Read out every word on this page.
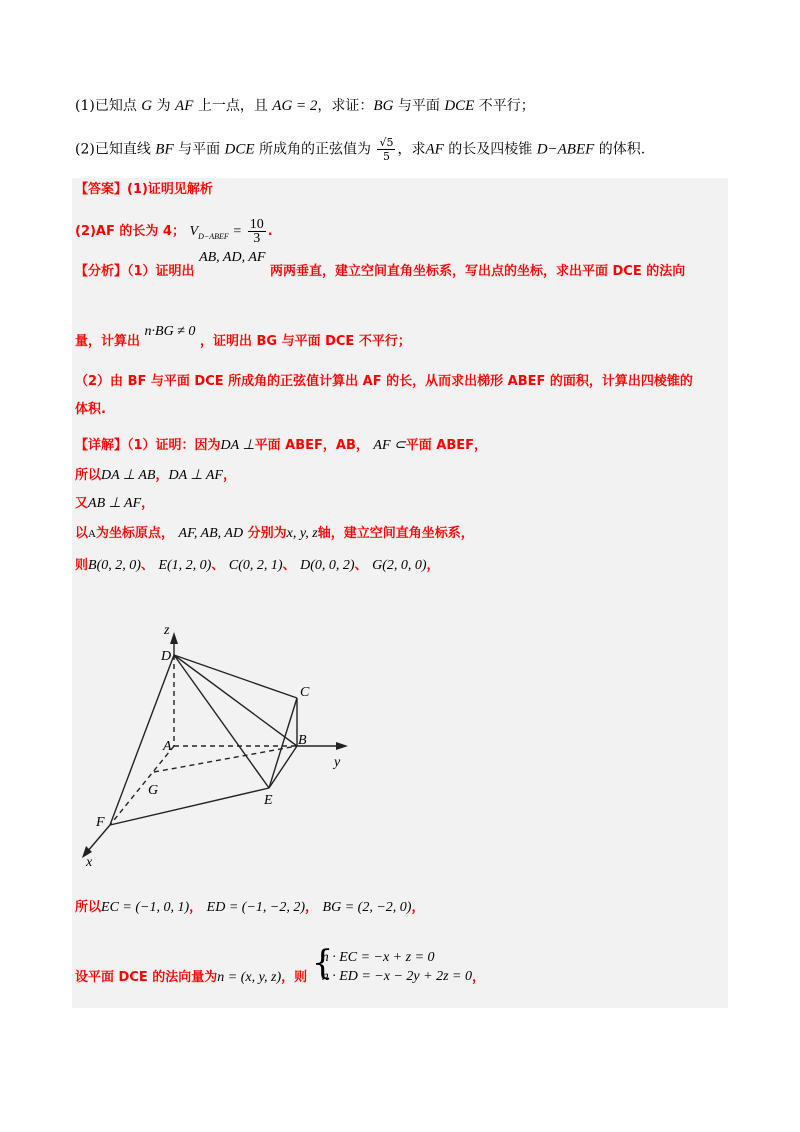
(1)已知点 G 为 AF 上一点，且 AG = 2，求证：BG 与平面 DCE 不平行；
(2)已知直线 BF 与平面 DCE 所成角的正弦值为 $\frac{√5}{5}$ ，求AF 的长及四棱锥 D−ABEF 的体积.
【答案】(1)证明见解析
(2)AF 的长为 4； $V_{D-ABEF} = \frac{10}{3}$ .
【分析】（1）证明出 AB, AD, AF 两两垂直，建立空间直角坐标系，写出点的坐标，求出平面 DCE 的法向
量，计算出 n·BG ≠ 0 ，证明出 BG 与平面 DCE 不平行；
（2）由 BF 与平面 DCE 所成角的正弦值计算出 AF 的长，从而求出梯形 ABEF 的面积，计算出四棱锥的
体积.
【详解】（1）证明：因为DA ⊥平面 ABEF，AB， AF ⊂平面 ABEF，
所以DA ⊥ AB，DA ⊥ AF，
又AB ⊥ AF，
以A为坐标原点， AF, AB, AD 分别为x, y, z轴，建立空间直角坐标系，
则B(0, 2, 0)、 E(1, 2, 0)、 C(0, 2, 1)、 D(0, 0, 2)、 G(2, 0, 0)，
z
D
C
A	B
y
G
E
F
x
所以EC = (−1, 0, 1)， ED = (−1, −2, 2)， BG = (2, −2, 0)，
设平面 DCE 的法向量为n = (x, y, z)，则 {
n · EC = −x + z = 0
n · ED = −x − 2y + 2z = 0 ，
